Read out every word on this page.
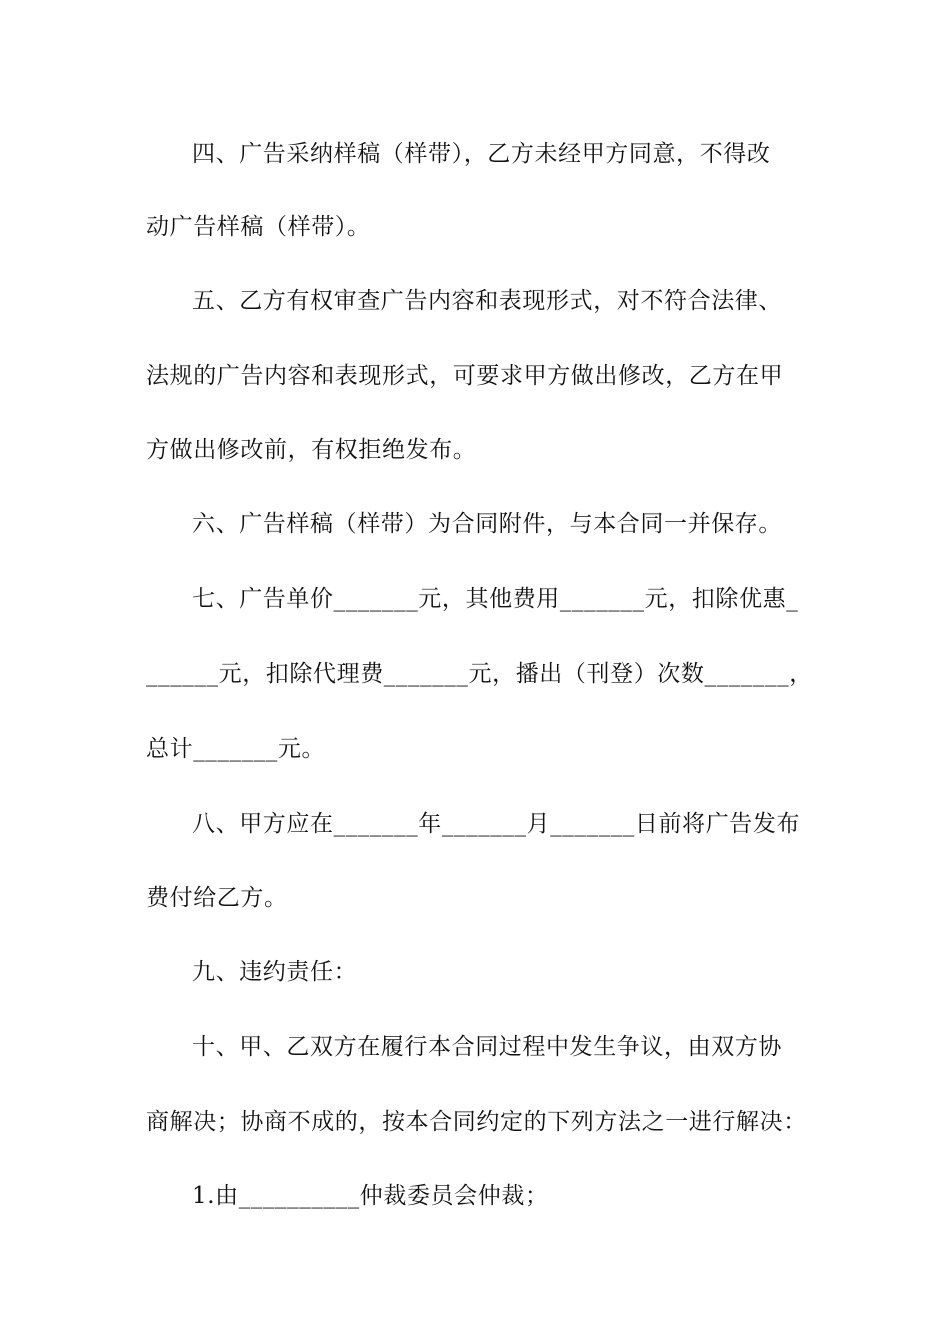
四、广告采纳样稿（样带），乙方未经甲方同意，不得改
动广告样稿（样带）。
五、乙方有权审查广告内容和表现形式，对不符合法律、
法规的广告内容和表现形式，可要求甲方做出修改，乙方在甲
方做出修改前，有权拒绝发布。
六、广告样稿（样带）为合同附件，与本合同一并保存。
七、广告单价_______元，其他费用_______元，扣除优惠_
______元，扣除代理费_______元，播出（刊登）次数_______，
总计_______元。
八、甲方应在_______年_______月_______日前将广告发布
费付给乙方。
九、违约责任：
十、甲、乙双方在履行本合同过程中发生争议，由双方协
商解决；协商不成的，按本合同约定的下列方法之一进行解决：
1.由__________仲裁委员会仲裁；
